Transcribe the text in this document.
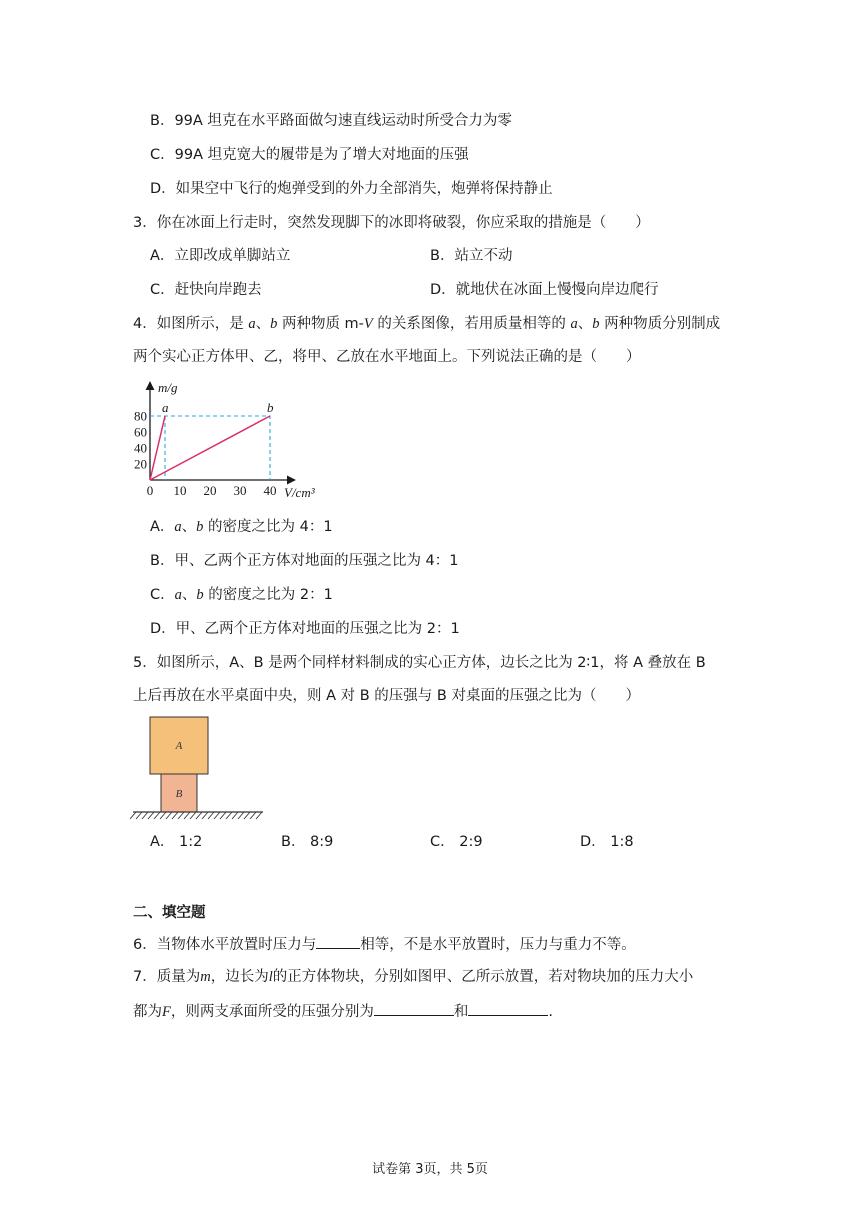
B．99A 坦克在水平路面做匀速直线运动时所受合力为零
C．99A 坦克宽大的履带是为了增大对地面的压强
D．如果空中飞行的炮弹受到的外力全部消失，炮弹将保持静止
3．你在冰面上行走时，突然发现脚下的冰即将破裂，你应采取的措施是（　　）
A．立即改成单脚站立	B．站立不动
C．赶快向岸跑去	D．就地伏在冰面上慢慢向岸边爬行
4．如图所示，是 a、b 两种物质 m-V 的关系图像，若用质量相等的 a、b 两种物质分别制成
两个实心正方体甲、乙，将甲、乙放在水平地面上。下列说法正确的是（　　）
a	b
0 10 20 30 40
20
40
60
80
m/g
V/cm³
A．a、b 的密度之比为 4：1
B．甲、乙两个正方体对地面的压强之比为 4：1
C．a、b 的密度之比为 2：1
D．甲、乙两个正方体对地面的压强之比为 2：1
5．如图所示，A、B 是两个同样材料制成的实心正方体，边长之比为 2∶1，将 A 叠放在 B
上后再放在水平桌面中央，则 A 对 B 的压强与 B 对桌面的压强之比为（　　）
A
B
A． 1:2	B． 8:9	C． 2:9	D． 1:8
二、填空题
6．当物体水平放置时压力与	相等，不是水平放置时，压力与重力不等。
7．质量为m，边长为l的正方体物块，分别如图甲、乙所示放置，若对物块加的压力大小
都为F，则两支承面所受的压强分别为	和	.
试卷第 3页，共 5页
